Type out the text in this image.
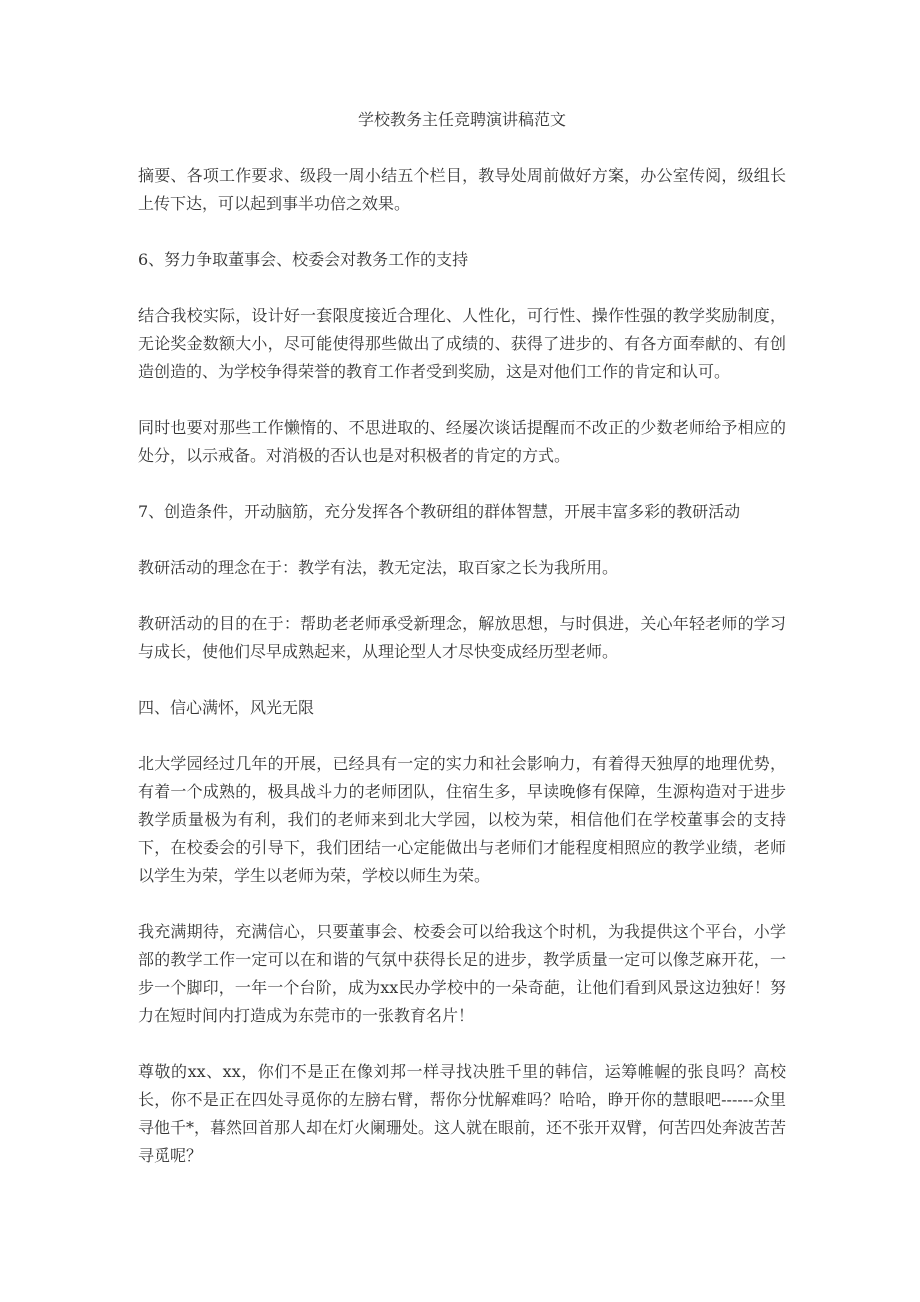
学校教务主任竞聘演讲稿范文

摘要、各项工作要求、级段一周小结五个栏目，教导处周前做好方案，办公室传阅，级组长上传下达，可以起到事半功倍之效果。

6、努力争取董事会、校委会对教务工作的支持

结合我校实际，设计好一套限度接近合理化、人性化，可行性、操作性强的教学奖励制度，无论奖金数额大小，尽可能使得那些做出了成绩的、获得了进步的、有各方面奉献的、有创造创造的、为学校争得荣誉的教育工作者受到奖励，这是对他们工作的肯定和认可。

同时也要对那些工作懒惰的、不思进取的、经屡次谈话提醒而不改正的少数老师给予相应的处分，以示戒备。对消极的否认也是对积极者的肯定的方式。

7、创造条件，开动脑筋，充分发挥各个教研组的群体智慧，开展丰富多彩的教研活动

教研活动的理念在于：教学有法，教无定法，取百家之长为我所用。

教研活动的目的在于：帮助老老师承受新理念，解放思想，与时俱进，关心年轻老师的学习与成长，使他们尽早成熟起来，从理论型人才尽快变成经历型老师。

四、信心满怀，风光无限

北大学园经过几年的开展，已经具有一定的实力和社会影响力，有着得天独厚的地理优势，有着一个成熟的，极具战斗力的老师团队，住宿生多，早读晚修有保障，生源构造对于进步教学质量极为有利，我们的老师来到北大学园，以校为荣，相信他们在学校董事会的支持下，在校委会的引导下，我们团结一心定能做出与老师们才能程度相照应的教学业绩，老师以学生为荣，学生以老师为荣，学校以师生为荣。

我充满期待，充满信心，只要董事会、校委会可以给我这个时机，为我提供这个平台，小学部的教学工作一定可以在和谐的气氛中获得长足的进步，教学质量一定可以像芝麻开花，一步一个脚印，一年一个台阶，成为xx民办学校中的一朵奇葩，让他们看到风景这边独好！努力在短时间内打造成为东莞市的一张教育名片！

尊敬的xx、xx，你们不是正在像刘邦一样寻找决胜千里的韩信，运筹帷幄的张良吗？高校长，你不是正在四处寻觅你的左膀右臂，帮你分忧解难吗？哈哈，睁开你的慧眼吧------众里寻他千*，暮然回首那人却在灯火阑珊处。这人就在眼前，还不张开双臂，何苦四处奔波苦苦寻觅呢？
